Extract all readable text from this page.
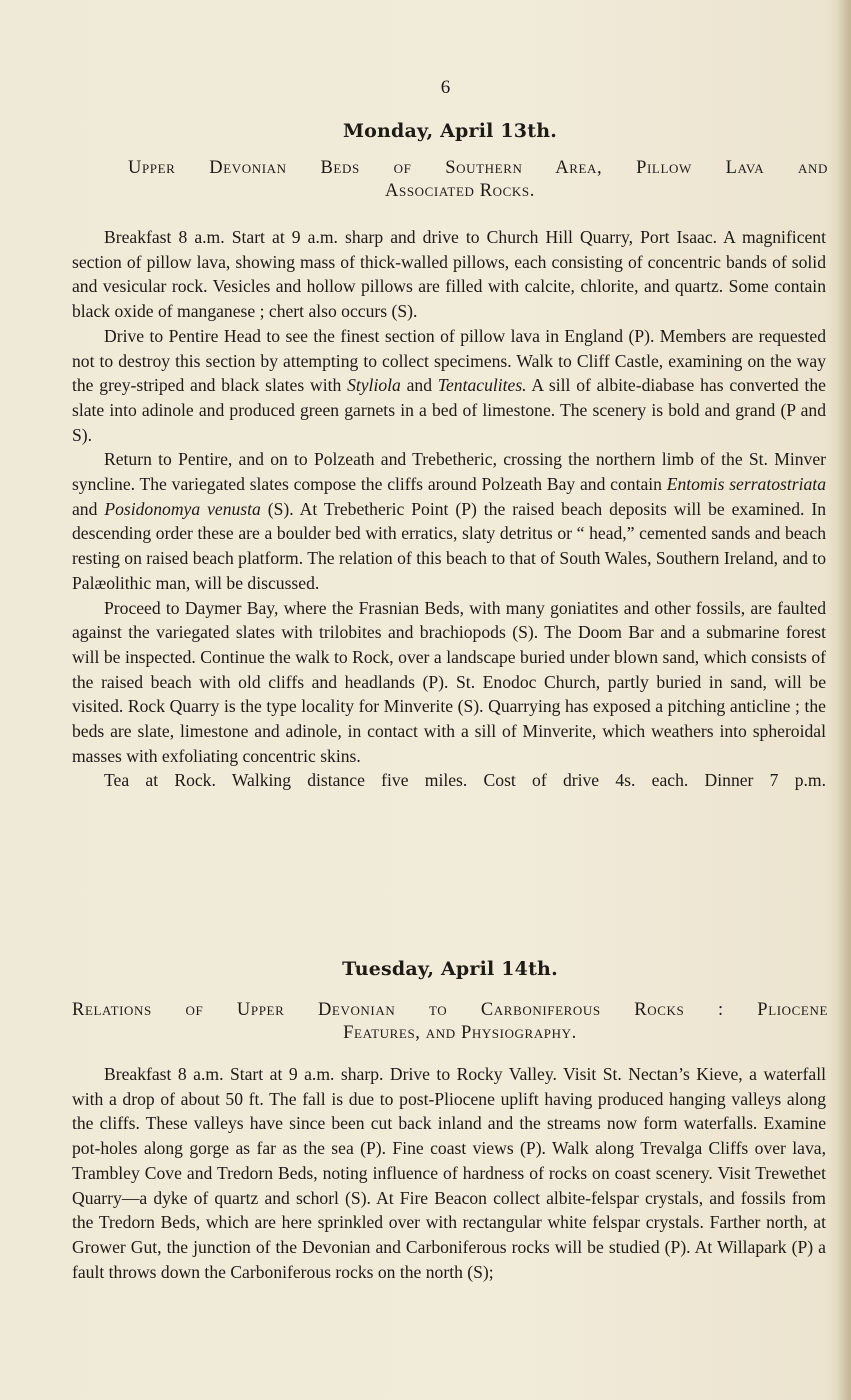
6
Monday, April 13th.
Upper Devonian Beds of Southern Area, Pillow Lava and
Associated Rocks.

Breakfast 8 a.m. Start at 9 a.m. sharp and drive to Church Hill Quarry, Port Isaac. A magnificent section of pillow lava, showing mass of thick-walled pillows, each consisting of concentric bands of solid and vesicular rock. Vesicles and hollow pillows are filled with calcite, chlorite, and quartz. Some contain black oxide of manganese ; chert also occurs (S).

Drive to Pentire Head to see the finest section of pillow lava in England (P). Members are requested not to destroy this section by attempting to collect specimens. Walk to Cliff Castle, examining on the way the grey-striped and black slates with Styliola and Tentaculites. A sill of albite-diabase has converted the slate into adinole and produced green garnets in a bed of limestone. The scenery is bold and grand (P and S).

Return to Pentire, and on to Polzeath and Trebetheric, crossing the northern limb of the St. Minver syncline. The variegated slates compose the cliffs around Polzeath Bay and contain Entomis serratostriata and Posidonomya venusta (S). At Trebetheric Point (P) the raised beach deposits will be examined. In descending order these are a boulder bed with erratics, slaty detritus or “ head,” cemented sands and beach resting on raised beach platform. The relation of this beach to that of South Wales, Southern Ireland, and to Palæolithic man, will be discussed.

Proceed to Daymer Bay, where the Frasnian Beds, with many goniatites and other fossils, are faulted against the variegated slates with trilobites and brachiopods (S). The Doom Bar and a submarine forest will be inspected. Continue the walk to Rock, over a landscape buried under blown sand, which consists of the raised beach with old cliffs and headlands (P). St. Enodoc Church, partly buried in sand, will be visited. Rock Quarry is the type locality for Minverite (S). Quarrying has exposed a pitching anticline ; the beds are slate, limestone and adinole, in contact with a sill of Minverite, which weathers into spheroidal masses with exfoliating concentric skins.

Tea at Rock. Walking distance five miles. Cost of drive 4s. each. Dinner 7 p.m.

Tuesday, April 14th.
Relations of Upper Devonian to Carboniferous Rocks : Pliocene
Features, and Physiography.

Breakfast 8 a.m. Start at 9 a.m. sharp. Drive to Rocky Valley. Visit St. Nectan’s Kieve, a waterfall with a drop of about 50 ft. The fall is due to post-Pliocene uplift having produced hanging valleys along the cliffs. These valleys have since been cut back inland and the streams now form waterfalls. Examine pot-holes along gorge as far as the sea (P). Fine coast views (P). Walk along Trevalga Cliffs over lava, Trambley Cove and Tredorn Beds, noting influence of hardness of rocks on coast scenery. Visit Trewethet Quarry—a dyke of quartz and schorl (S). At Fire Beacon collect albite-felspar crystals, and fossils from the Tredorn Beds, which are here sprinkled over with rectangular white felspar crystals. Farther north, at Grower Gut, the junction of the Devonian and Carboniferous rocks will be studied (P). At Willapark (P) a fault throws down the Carboniferous rocks on the north (S);
